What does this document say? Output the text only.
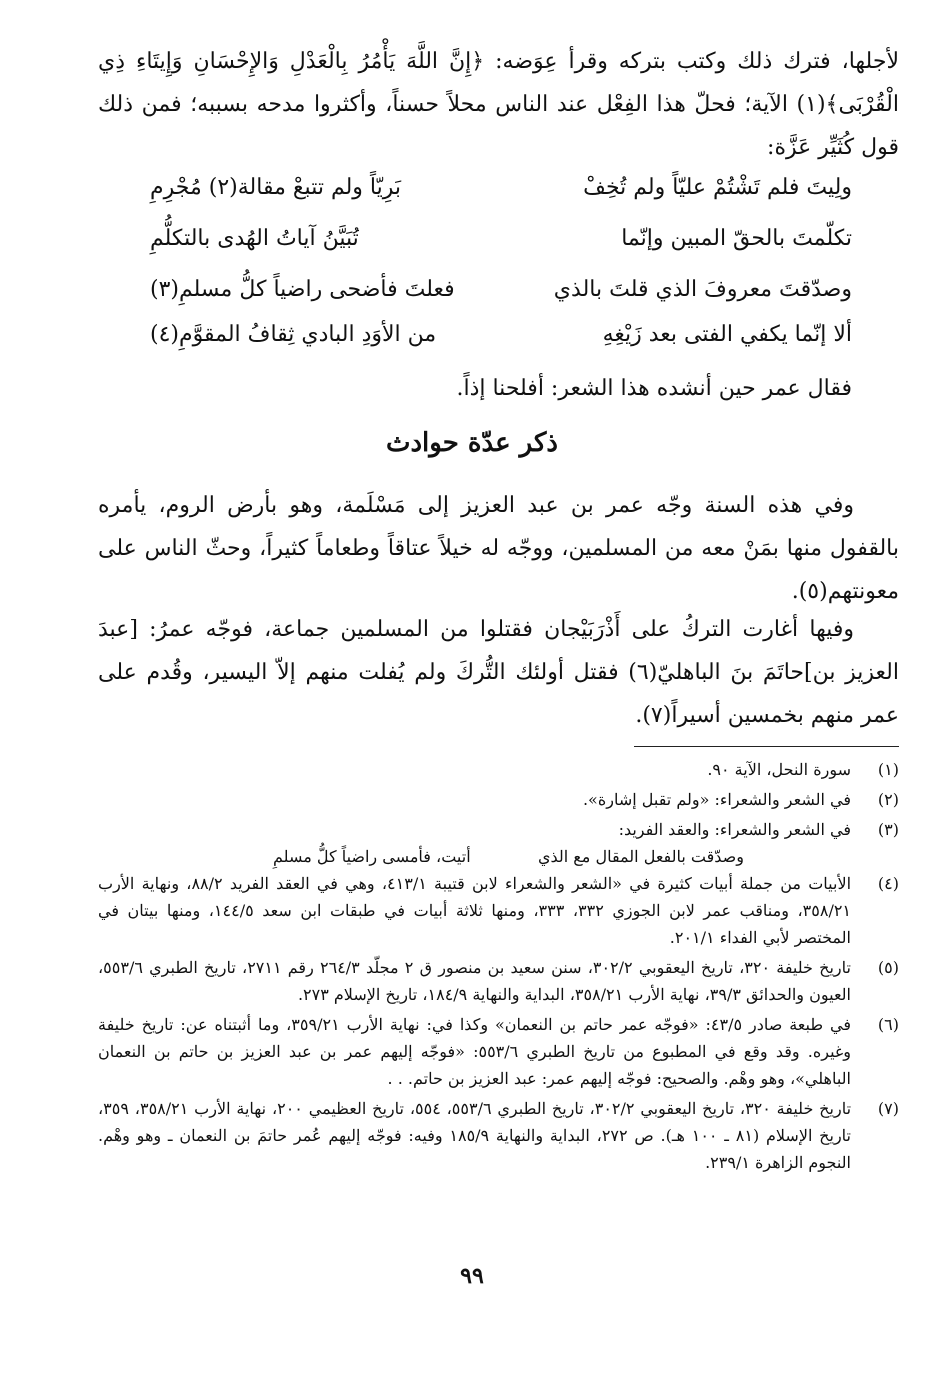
لأجلها، فترك ذلك وكتب بتركه وقرأ عِوَضه: ﴿إِنَّ اللَّهَ يَأْمُرُ بِالْعَدْلِ وَالإِحْسَانِ وَإِيتَاءِ ذِي الْقُرْبَى﴾(١) الآية؛ فحلّ هذا الفِعْل عند الناس محلاً حسناً، وأكثروا مدحه بسببه؛ فمن ذلك قول كُثَيِّر عَزَّة:

ولِيتَ فلم تَشْتُمْ عليّاً ولم تُخِفْ
بَرِيّاً ولم تتبعْ مقالة(٢) مُجْرِمِ
تكلّمتَ بالحقّ المبين وإنّما
تُبَيَّنُ آياتُ الهُدى بالتكلُّمِ
وصدّقتَ معروفَ الذي قلتَ بالذي
فعلتَ فأضحى راضياً كلُّ مسلمِ(٣)
ألا إنّما يكفي الفتى بعد زَيْغِهِ
من الأوَدِ البادي ثِقافُ المقوَّمِ(٤)

فقال عمر حين أنشده هذا الشعر: أفلحنا إذاً.

ذكر عدّة حوادث

وفي هذه السنة وجّه عمر بن عبد العزيز إلى مَسْلَمة، وهو بأرض الروم، يأمره بالقفول منها بمَنْ معه من المسلمين، ووجّه له خيلاً عتاقاً وطعاماً كثيراً، وحثّ الناس على معونتهم(٥).

وفيها أغارت التركُ على أَذْرَبَيْجان فقتلوا من المسلمين جماعة، فوجّه عمرُ: [عبدَ العزيز بن]حاتَمَ بنَ الباهليّ(٦) فقتل أولئك التُّركَ ولم يُفلت منهم إلاّ اليسير، وقُدم على عمر منهم بخمسين أسيراً(٧).

(١)
سورة النحل، الآية ٩٠.
(٢)
في الشعر والشعراء: «ولم تقبل إشارة».
(٣)
في الشعر والشعراء: والعقد الفريد:
وصدّقت بالفعل المقال مع الذي
أتيت، فأمسى راضياً كلُّ مسلمِ
(٤)
الأبيات من جملة أبيات كثيرة في «الشعر والشعراء لابن قتيبة ٤١٣/١، وهي في العقد الفريد ٨٨/٢، ونهاية الأرب ٣٥٨/٢١، ومناقب عمر لابن الجوزي ٣٣٢، ٣٣٣، ومنها ثلاثة أبيات في طبقات ابن سعد ١٤٤/٥، ومنها بيتان في المختصر لأبي الفداء ٢٠١/١.
(٥)
تاريخ خليفة ٣٢٠، تاريخ اليعقوبي ٣٠٢/٢، سنن سعيد بن منصور ق ٢ مجلّد ٢٦٤/٣ رقم ٢٧١١، تاريخ الطبري ٥٥٣/٦، العيون والحدائق ٣٩/٣، نهاية الأرب ٣٥٨/٢١، البداية والنهاية ١٨٤/٩، تاريخ الإسلام ٢٧٣.
(٦)
في طبعة صادر ٤٣/٥: «فوجّه عمر حاتم بن النعمان» وكذا في: نهاية الأرب ٣٥٩/٢١، وما أثبتناه عن: تاريخ خليفة وغيره. وقد وقع في المطبوع من تاريخ الطبري ٥٥٣/٦: «فوجّه إليهم عمر بن عبد العزيز بن حاتم بن النعمان الباهلي»، وهو وهْم. والصحيح: فوجّه إليهم عمر: عبد العزيز بن حاتم. . .
(٧)
تاريخ خليفة ٣٢٠، تاريخ اليعقوبي ٣٠٢/٢، تاريخ الطبري ٥٥٣/٦، ٥٥٤، تاريخ العظيمي ٢٠٠، نهاية الأرب ٣٥٨/٢١، ٣٥٩، تاريخ الإسلام (٨١ ـ ١٠٠ هـ). ص ٢٧٢، البداية والنهاية ١٨٥/٩ وفيه: فوجّه إليهم عُمر حاتمَ بن النعمان ـ وهو وهْم. النجوم الزاهرة ٢٣٩/١.
٩٩
